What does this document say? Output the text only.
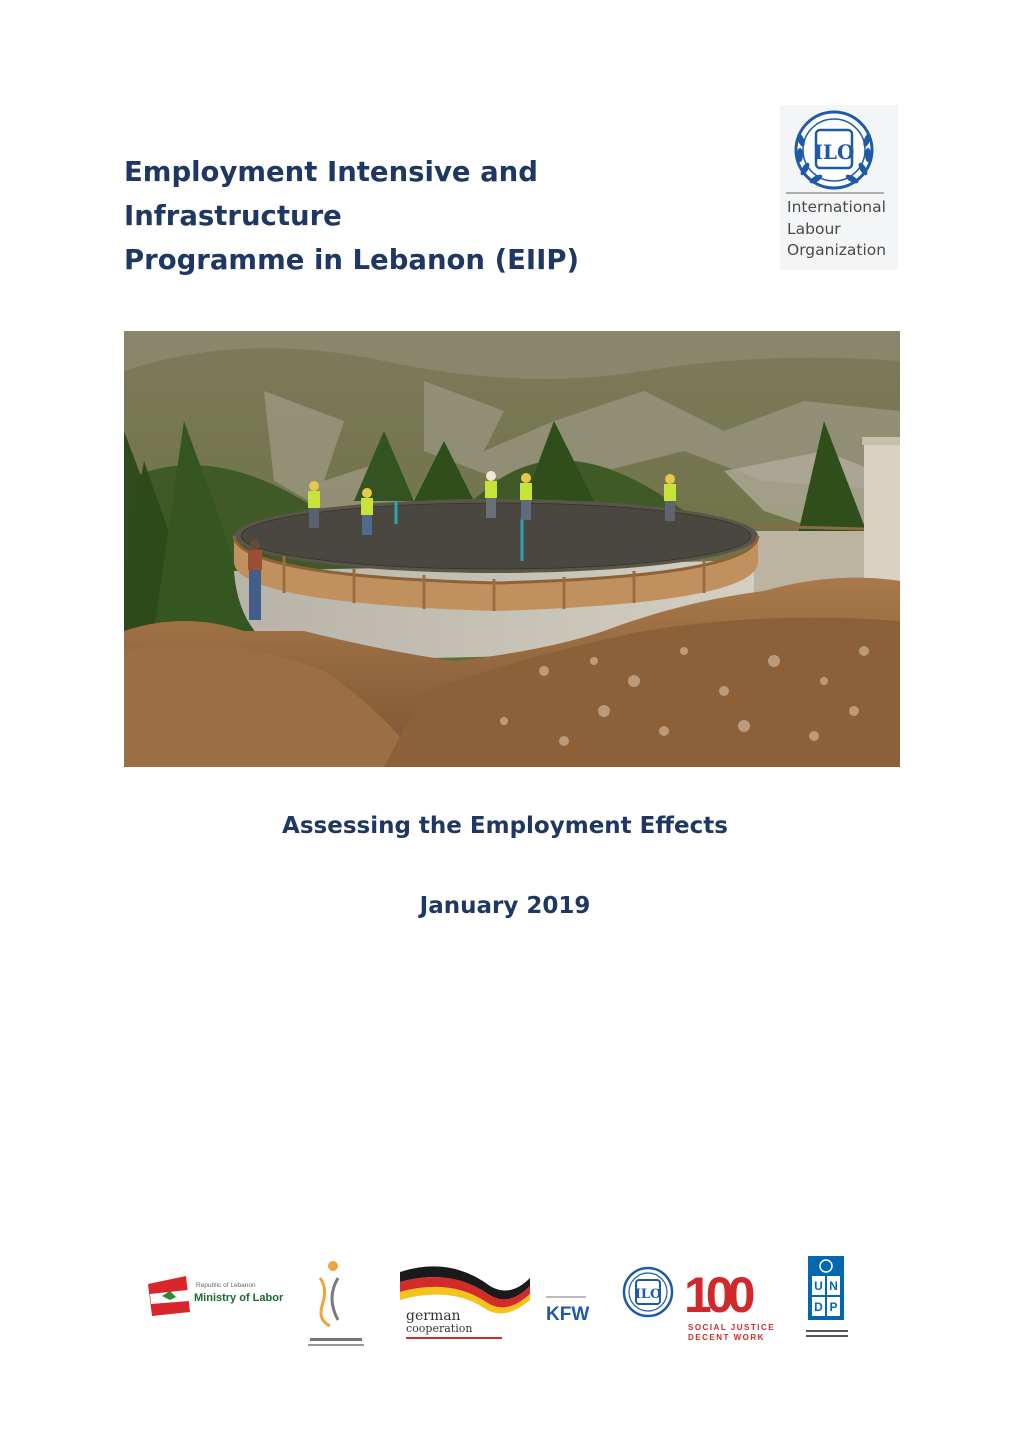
Employment Intensive and Infrastructure
Programme in Lebanon (EIIP)
ILO
International
Labour
Organization
Assessing the Employment Effects
January 2019
Republic of Lebanon
Ministry of Labor
german
cooperation
KFW
ILO 100
SOCIAL JUSTICE
DECENT WORK
U N
D P
